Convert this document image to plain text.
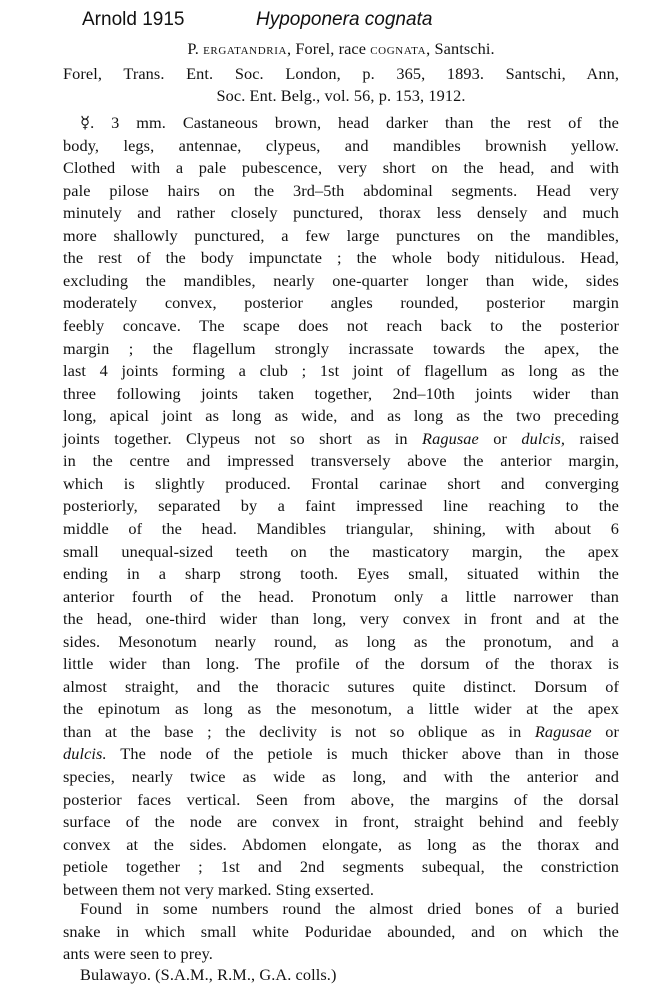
Arnold 1915	Hypoponera cognata
P. ergatandria, Forel, race cognata, Santschi.
Forel, Trans. Ent. Soc. London, p. 365, 1893. Santschi, Ann,
Soc. Ent. Belg., vol. 56, p. 153, 1912.
☿. 3 mm. Castaneous brown, head darker than the rest of the
body, legs, antennae, clypeus, and mandibles brownish yellow.
Clothed with a pale pubescence, very short on the head, and with
pale pilose hairs on the 3rd–5th abdominal segments. Head very
minutely and rather closely punctured, thorax less densely and much
more shallowly punctured, a few large punctures on the mandibles,
the rest of the body impunctate ; the whole body nitidulous. Head,
excluding the mandibles, nearly one-quarter longer than wide, sides
moderately convex, posterior angles rounded, posterior margin
feebly concave. The scape does not reach back to the posterior
margin ; the flagellum strongly incrassate towards the apex, the
last 4 joints forming a club ; 1st joint of flagellum as long as the
three following joints taken together, 2nd–10th joints wider than
long, apical joint as long as wide, and as long as the two preceding
joints together. Clypeus not so short as in Ragusae or dulcis, raised
in the centre and impressed transversely above the anterior margin,
which is slightly produced. Frontal carinae short and converging
posteriorly, separated by a faint impressed line reaching to the
middle of the head. Mandibles triangular, shining, with about 6
small unequal-sized teeth on the masticatory margin, the apex
ending in a sharp strong tooth. Eyes small, situated within the
anterior fourth of the head. Pronotum only a little narrower than
the head, one-third wider than long, very convex in front and at the
sides. Mesonotum nearly round, as long as the pronotum, and a
little wider than long. The profile of the dorsum of the thorax is
almost straight, and the thoracic sutures quite distinct. Dorsum of
the epinotum as long as the mesonotum, a little wider at the apex
than at the base ; the declivity is not so oblique as in Ragusae or
dulcis. The node of the petiole is much thicker above than in those
species, nearly twice as wide as long, and with the anterior and
posterior faces vertical. Seen from above, the margins of the dorsal
surface of the node are convex in front, straight behind and feebly
convex at the sides. Abdomen elongate, as long as the thorax and
petiole together ; 1st and 2nd segments subequal, the constriction
between them not very marked. Sting exserted.
Found in some numbers round the almost dried bones of a buried
snake in which small white Poduridae abounded, and on which the
ants were seen to prey.
Bulawayo. (S.A.M., R.M., G.A. colls.)
